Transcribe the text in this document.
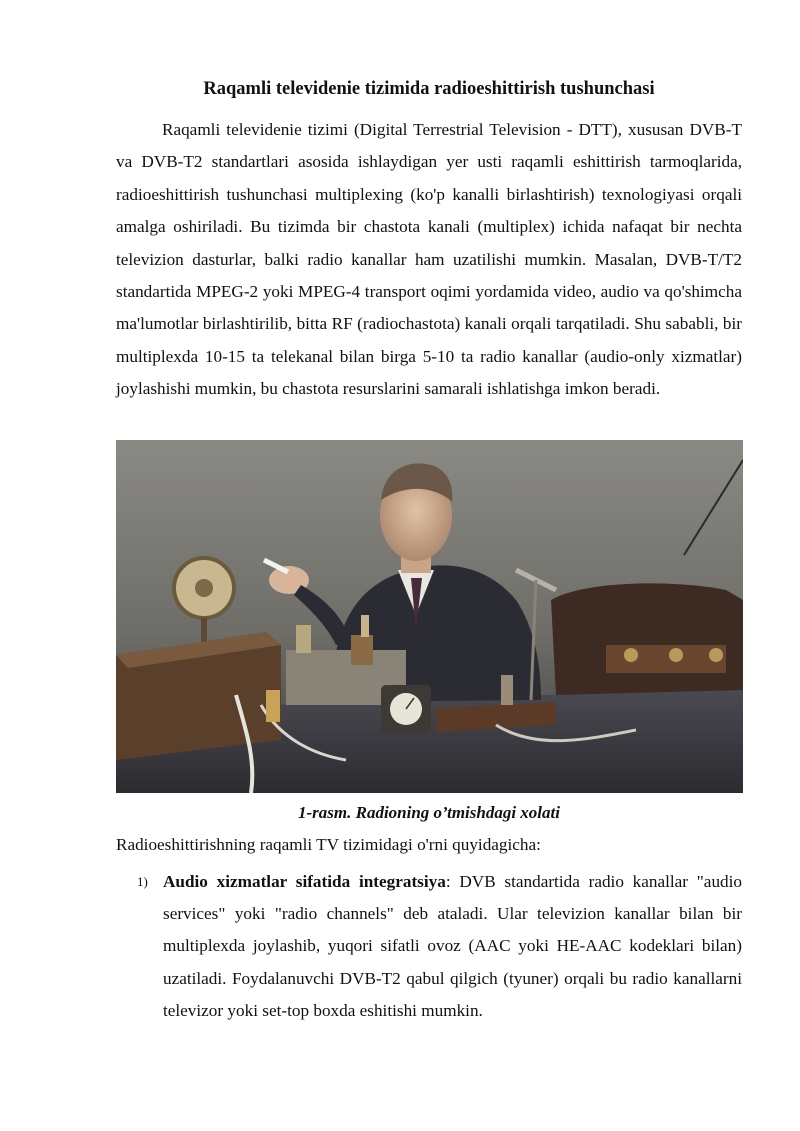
Raqamli televidenie tizimida radioeshittirish tushunchasi

Raqamli televidenie tizimi (Digital Terrestrial Television - DTT), xususan DVB-T va DVB-T2 standartlari asosida ishlaydigan yer usti raqamli eshittirish tarmoqlarida, radioeshittirish tushunchasi multiplexing (ko'p kanalli birlashtirish) texnologiyasi orqali amalga oshiriladi. Bu tizimda bir chastota kanali (multiplex) ichida nafaqat bir nechta televizion dasturlar, balki radio kanallar ham uzatilishi mumkin. Masalan, DVB-T/T2 standartida MPEG-2 yoki MPEG-4 transport oqimi yordamida video, audio va qo'shimcha ma'lumotlar birlashtirilib, bitta RF (radiochastota) kanali orqali tarqatiladi. Shu sababli, bir multiplexda 10-15 ta telekanal bilan birga 5-10 ta radio kanallar (audio-only xizmatlar) joylashishi mumkin, bu chastota resurslarini samarali ishlatishga imkon beradi.

1-rasm. Radioning o’tmishdagi xolati

Radioeshittirishning raqamli TV tizimidagi o'rni quyidagicha:

1) Audio xizmatlar sifatida integratsiya: DVB standartida radio kanallar "audio services" yoki "radio channels" deb ataladi. Ular televizion kanallar bilan bir multiplexda joylashib, yuqori sifatli ovoz (AAC yoki HE-AAC kodeklari bilan) uzatiladi. Foydalanuvchi DVB-T2 qabul qilgich (tyuner) orqali bu radio kanallarni televizor yoki set-top boxda eshitishi mumkin.
